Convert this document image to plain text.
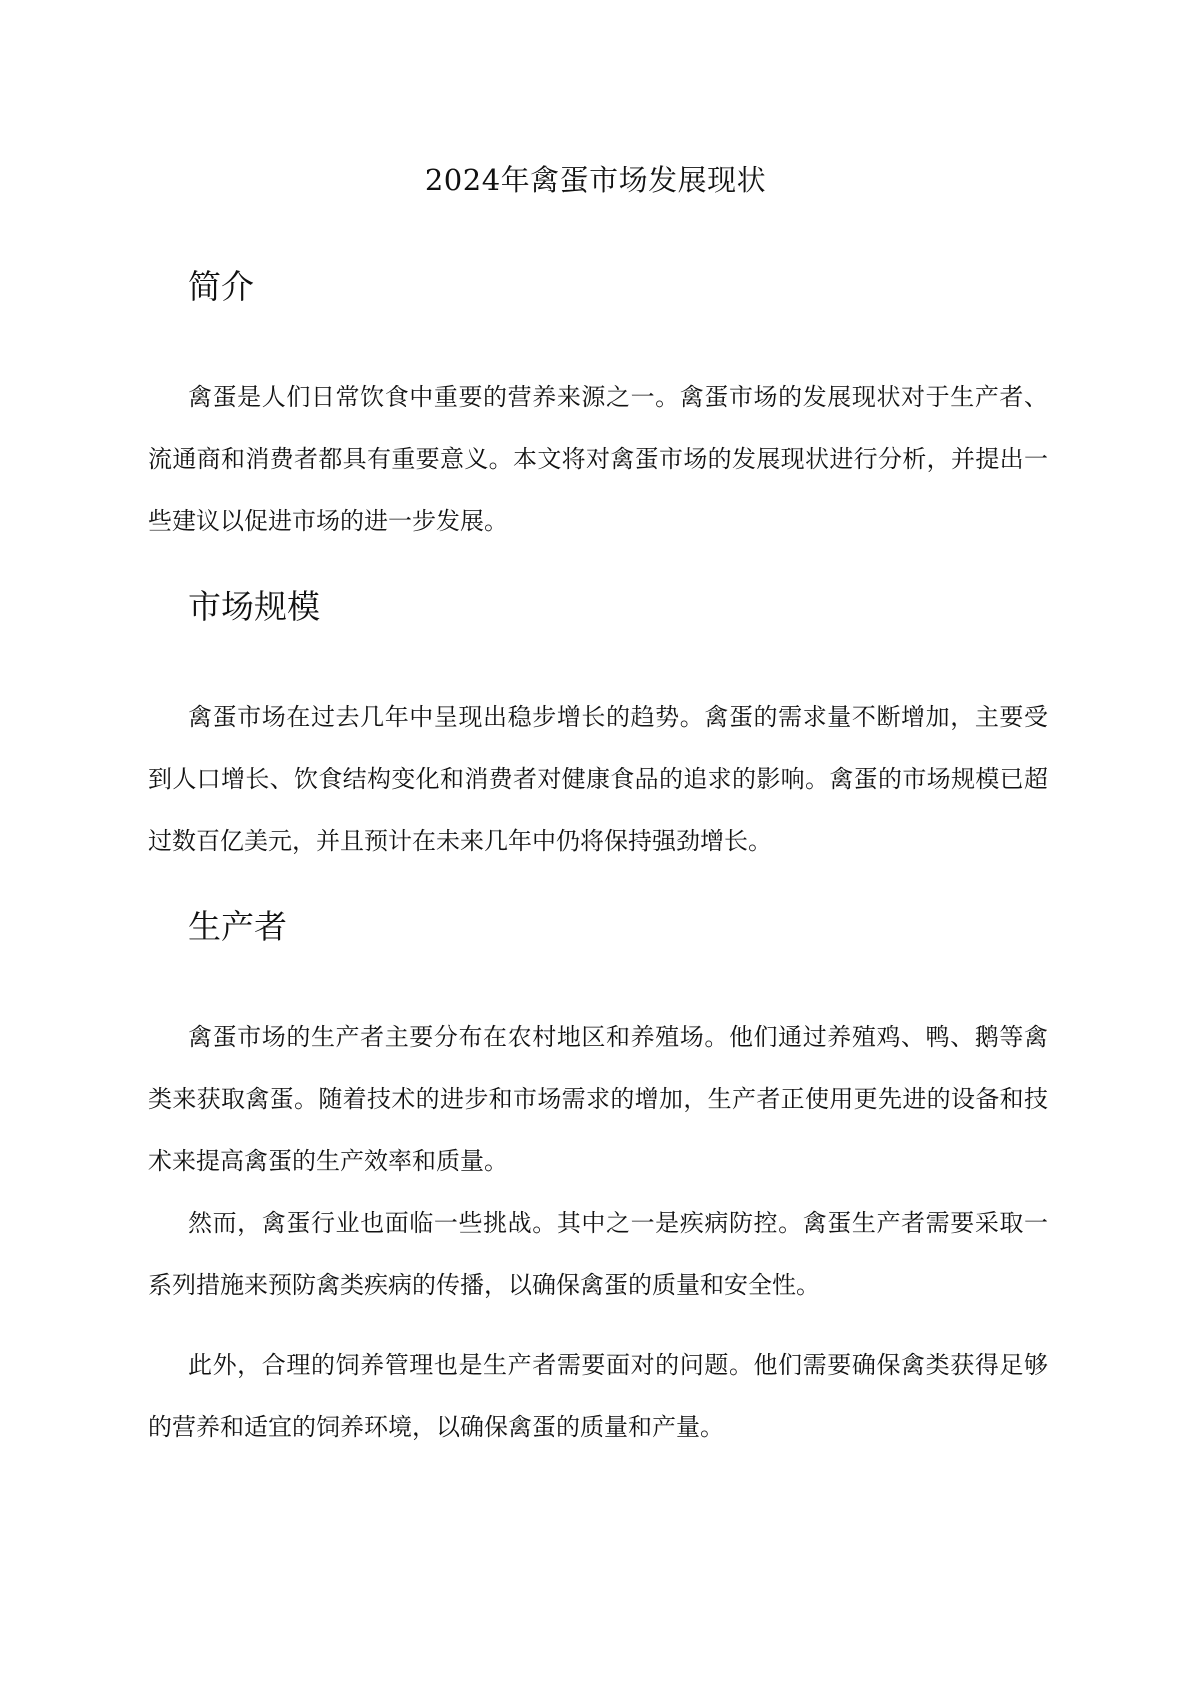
2024年禽蛋市场发展现状
简介

禽蛋是人们日常饮食中重要的营养来源之一。禽蛋市场的发展现状对于生产者、流通商和消费者都具有重要意义。本文将对禽蛋市场的发展现状进行分析，并提出一些建议以促进市场的进一步发展。

市场规模

禽蛋市场在过去几年中呈现出稳步增长的趋势。禽蛋的需求量不断增加，主要受到人口增长、饮食结构变化和消费者对健康食品的追求的影响。禽蛋的市场规模已超过数百亿美元，并且预计在未来几年中仍将保持强劲增长。

生产者

禽蛋市场的生产者主要分布在农村地区和养殖场。他们通过养殖鸡、鸭、鹅等禽类来获取禽蛋。随着技术的进步和市场需求的增加，生产者正使用更先进的设备和技术来提高禽蛋的生产效率和质量。

然而，禽蛋行业也面临一些挑战。其中之一是疾病防控。禽蛋生产者需要采取一系列措施来预防禽类疾病的传播，以确保禽蛋的质量和安全性。

此外，合理的饲养管理也是生产者需要面对的问题。他们需要确保禽类获得足够的营养和适宜的饲养环境，以确保禽蛋的质量和产量。
